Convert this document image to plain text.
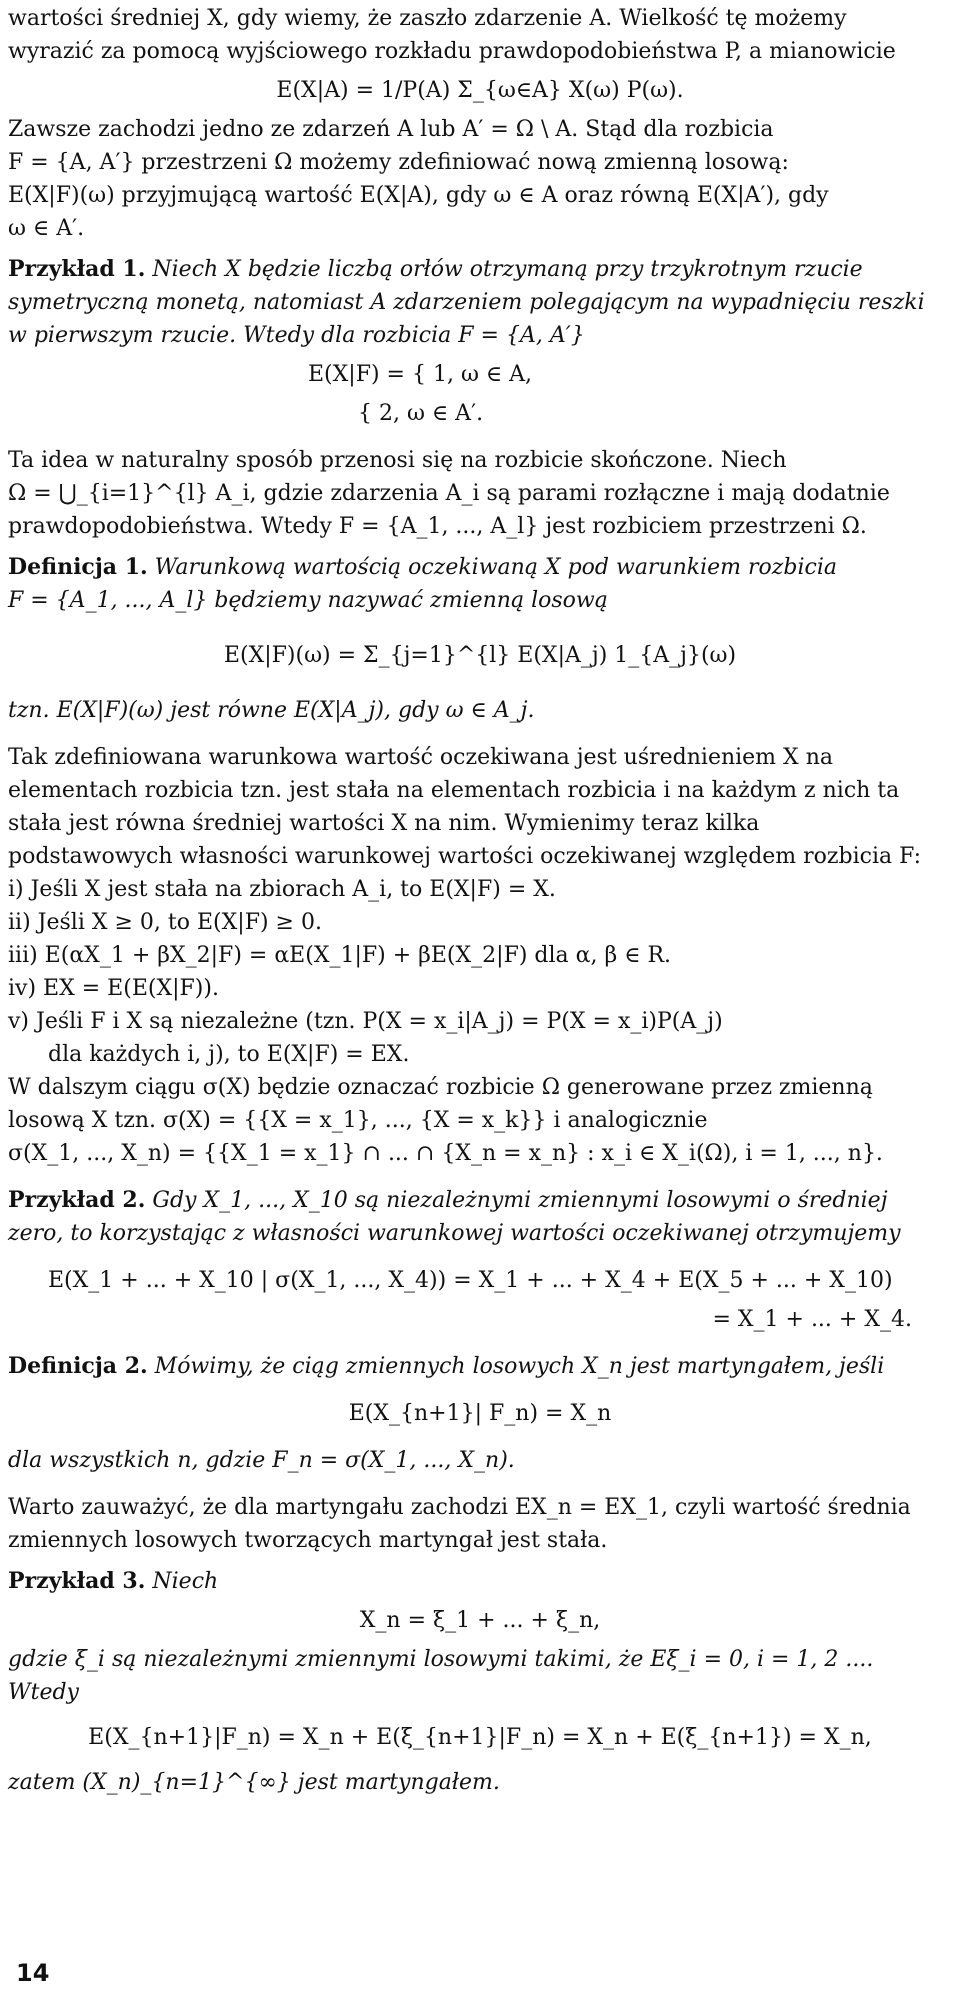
wartości średniej X, gdy wiemy, że zaszło zdarzenie A. Wielkość tę możemy

wyrazić za pomocą wyjściowego rozkładu prawdopodobieństwa P, a mianowicie

E(X|A) = 1/P(A) Σ_{ω∈A} X(ω) P(ω).

Zawsze zachodzi jedno ze zdarzeń A lub A′ = Ω \ A. Stąd dla rozbicia

F = {A, A′} przestrzeni Ω możemy zdefiniować nową zmienną losową:

E(X|F)(ω) przyjmującą wartość E(X|A), gdy ω ∈ A oraz równą E(X|A′), gdy

ω ∈ A′.

Przykład 1. Niech X będzie liczbą orłów otrzymaną przy trzykrotnym rzucie

symetryczną monetą, natomiast A zdarzeniem polegającym na wypadnięciu reszki

w pierwszym rzucie. Wtedy dla rozbicia F = {A, A′}

E(X|F) = { 1, ω ∈ A,

{ 2, ω ∈ A′.

Ta idea w naturalny sposób przenosi się na rozbicie skończone. Niech

Ω = ⋃_{i=1}^{l} A_i, gdzie zdarzenia A_i są parami rozłączne i mają dodatnie

prawdopodobieństwa. Wtedy F = {A_1, ..., A_l} jest rozbiciem przestrzeni Ω.

Definicja 1. Warunkową wartością oczekiwaną X pod warunkiem rozbicia

F = {A_1, ..., A_l} będziemy nazywać zmienną losową

E(X|F)(ω) = Σ_{j=1}^{l} E(X|A_j) 1_{A_j}(ω)

tzn. E(X|F)(ω) jest równe E(X|A_j), gdy ω ∈ A_j.

Tak zdefiniowana warunkowa wartość oczekiwana jest uśrednieniem X na

elementach rozbicia tzn. jest stała na elementach rozbicia i na każdym z nich ta

stała jest równa średniej wartości X na nim. Wymienimy teraz kilka

podstawowych własności warunkowej wartości oczekiwanej względem rozbicia F:

i) Jeśli X jest stała na zbiorach A_i, to E(X|F) = X.

ii) Jeśli X ≥ 0, to E(X|F) ≥ 0.

iii) E(αX_1 + βX_2|F) = αE(X_1|F) + βE(X_2|F) dla α, β ∈ R.

iv) EX = E(E(X|F)).

v) Jeśli F i X są niezależne (tzn. P(X = x_i|A_j) = P(X = x_i)P(A_j)

dla każdych i, j), to E(X|F) = EX.

W dalszym ciągu σ(X) będzie oznaczać rozbicie Ω generowane przez zmienną

losową X tzn. σ(X) = {{X = x_1}, ..., {X = x_k}} i analogicznie

σ(X_1, ..., X_n) = {{X_1 = x_1} ∩ ... ∩ {X_n = x_n} : x_i ∈ X_i(Ω), i = 1, ..., n}.

Przykład 2. Gdy X_1, ..., X_10 są niezależnymi zmiennymi losowymi o średniej

zero, to korzystając z własności warunkowej wartości oczekiwanej otrzymujemy

E(X_1 + ... + X_10 | σ(X_1, ..., X_4)) = X_1 + ... + X_4 + E(X_5 + ... + X_10)

= X_1 + ... + X_4.

Definicja 2. Mówimy, że ciąg zmiennych losowych X_n jest martyngałem, jeśli

E(X_{n+1}| F_n) = X_n

dla wszystkich n, gdzie F_n = σ(X_1, ..., X_n).

Warto zauważyć, że dla martyngału zachodzi EX_n = EX_1, czyli wartość średnia

zmiennych losowych tworzących martyngał jest stała.

Przykład 3. Niech

X_n = ξ_1 + ... + ξ_n,

gdzie ξ_i są niezależnymi zmiennymi losowymi takimi, że Eξ_i = 0, i = 1, 2 ....

Wtedy

E(X_{n+1}|F_n) = X_n + E(ξ_{n+1}|F_n) = X_n + E(ξ_{n+1}) = X_n,

zatem (X_n)_{n=1}^{∞} jest martyngałem.

14
